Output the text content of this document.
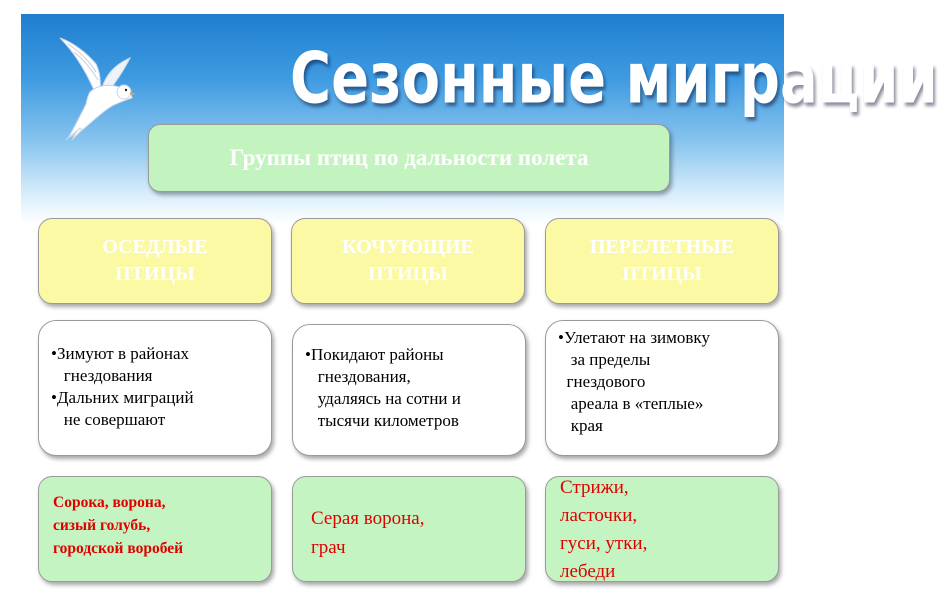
Сезонные миграции
Группы птиц по дальности полета
ОСЕДЛЫЕ
ПТИЦЫ
КОЧУЮЩИЕ
ПТИЦЫ
ПЕРЕЛЕТНЫЕ
ПТИЦЫ
•Зимуют в районах
гнездования
•Дальних миграций
не совершают
•Покидают районы
гнездования,
удаляясь на сотни и
тысячи километров
•Улетают на зимовку
за пределы
гнездового
ареала в «теплые»
края
Сорока, ворона,
сизый голубь,
городской воробей
Серая ворона,
грач
Стрижи,
ласточки,
гуси, утки,
лебеди
